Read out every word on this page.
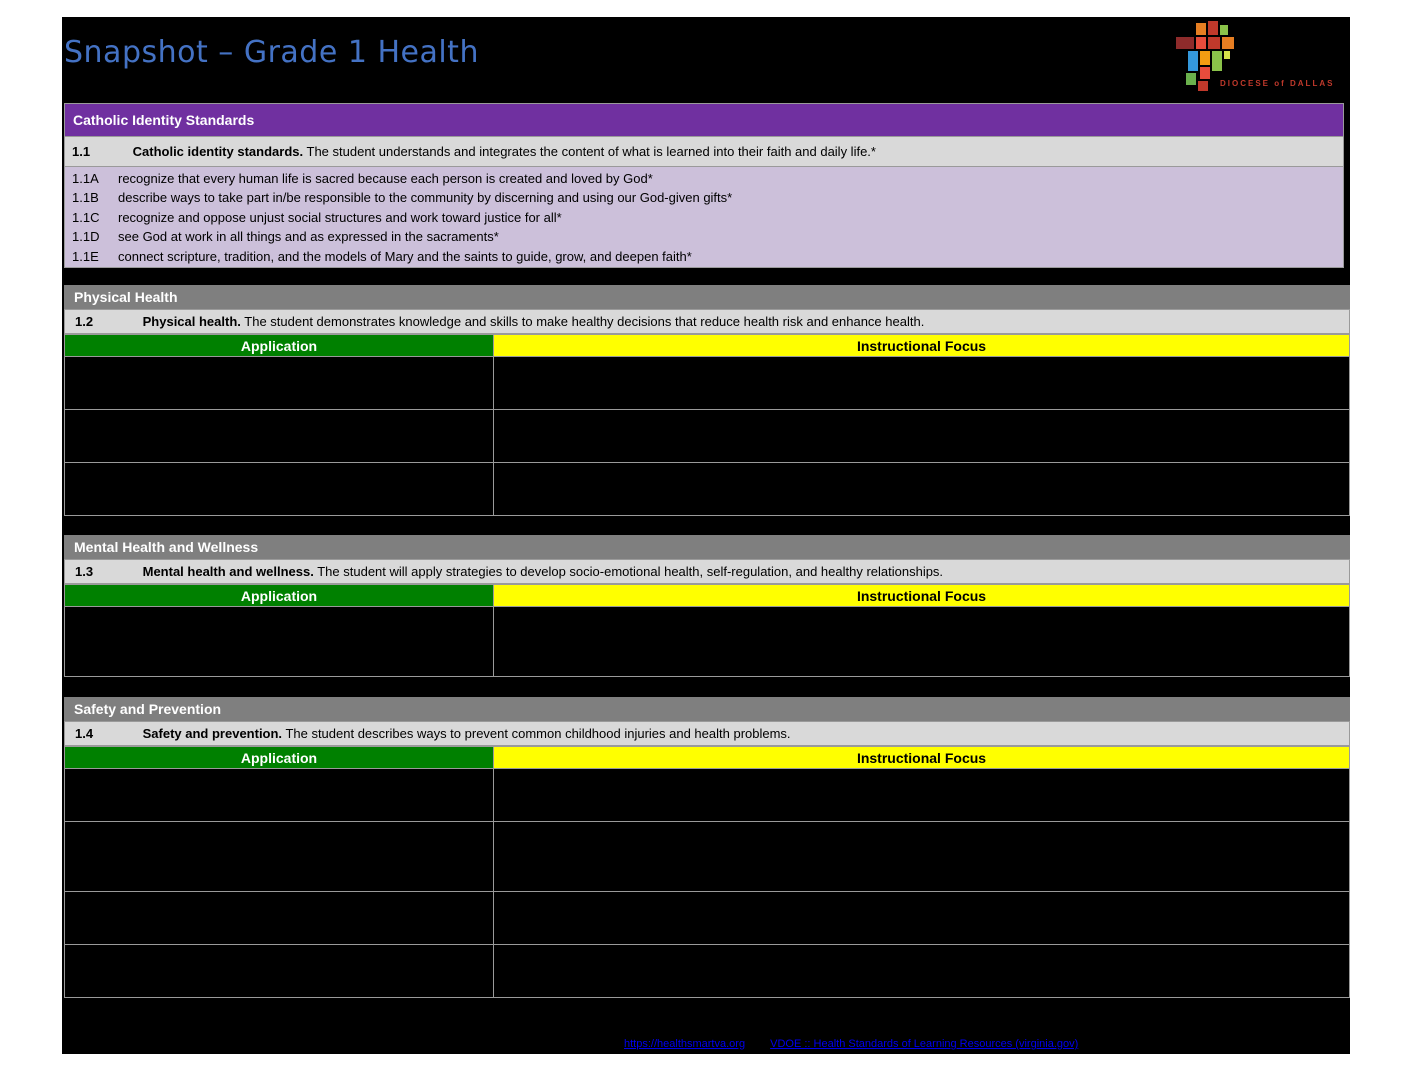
Snapshot – Grade 1 Health
DIOCESE of DALLAS
Catholic Identity Standards
1.1	Catholic identity standards. The student understands and integrates the content of what is learned into their faith and daily life.*
1.1A	recognize that every human life is sacred because each person is created and loved by God*
1.1B	describe ways to take part in/be responsible to the community by discerning and using our God-given gifts*
1.1C	recognize and oppose unjust social structures and work toward justice for all*
1.1D	see God at work in all things and as expressed in the sacraments*
1.1E	connect scripture, tradition, and the models of Mary and the saints to guide, grow, and deepen faith*
Physical Health
1.2	Physical health. The student demonstrates knowledge and skills to make healthy decisions that reduce health risk and enhance health.
Application	Instructional Focus
Mental Health and Wellness
1.3	Mental health and wellness. The student will apply strategies to develop socio-emotional health, self-regulation, and healthy relationships.
Application	Instructional Focus
Safety and Prevention
1.4	Safety and prevention. The student describes ways to prevent common childhood injuries and health problems.
Application	Instructional Focus
https://healthsmartva.org VDOE :: Health Standards of Learning Resources (virginia.gov)
